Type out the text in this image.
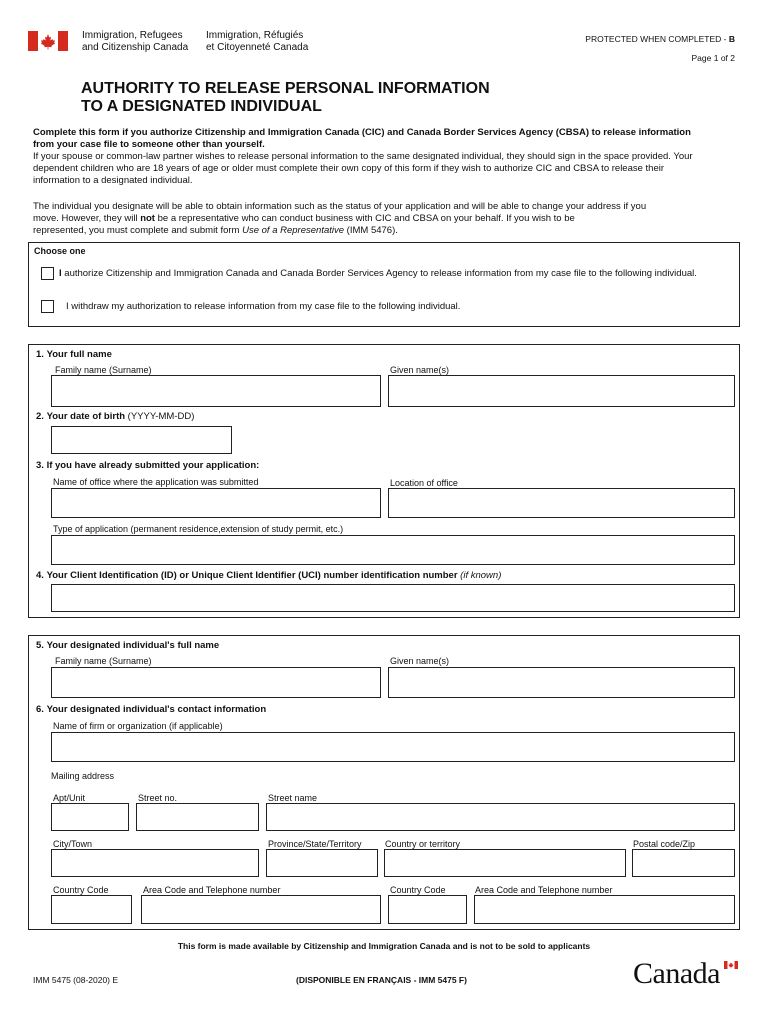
Immigration, Refugees
and Citizenship Canada
Immigration, Réfugiés
et Citoyenneté Canada
PROTECTED WHEN COMPLETED - B
Page 1 of 2
AUTHORITY TO RELEASE PERSONAL INFORMATION
TO A DESIGNATED INDIVIDUAL

Complete this form if you authorize Citizenship and Immigration Canada (CIC) and Canada Border Services Agency (CBSA) to release information
from your case file to someone other than yourself.

If your spouse or common-law partner wishes to release personal information to the same designated individual, they should sign in the space provided. Your
dependent children who are 18 years of age or older must complete their own copy of this form if they wish to authorize CIC and CBSA to release their
information to a designated individual.

The individual you designate will be able to obtain information such as the status of your application and will be able to change your address if you
move. However, they will not be a representative who can conduct business with CIC and CBSA on your behalf. If you wish to be
represented, you must complete and submit form Use of a Representative (IMM 5476).

Choose one
I authorize Citizenship and Immigration Canada and Canada Border Services Agency to release information from my case file to the following individual.
I withdraw my authorization to release information from my case file to the following individual.
1. Your full name
Family name (Surname)	Given name(s)
2. Your date of birth (YYYY-MM-DD)
3. If you have already submitted your application:
Name of office where the application was submitted	Location of office
Type of application (permanent residence,extension of study permit, etc.)
4. Your Client Identification (ID) or Unique Client Identifier (UCI) number identification number (if known)
5. Your designated individual's full name
Family name (Surname)	Given name(s)
6. Your designated individual's contact information
Name of firm or organization (if applicable)
Mailing address
Apt/Unit	Street no.	Street name
City/Town	Province/State/Territory	Country or territory	Postal code/Zip
Country Code	Area Code and Telephone number	Country Code	Area Code and Telephone number
This form is made available by Citizenship and Immigration Canada and is not to be sold to applicants
IMM 5475 (08-2020) E	(DISPONIBLE EN FRANÇAIS - IMM 5475 F)	Canada
